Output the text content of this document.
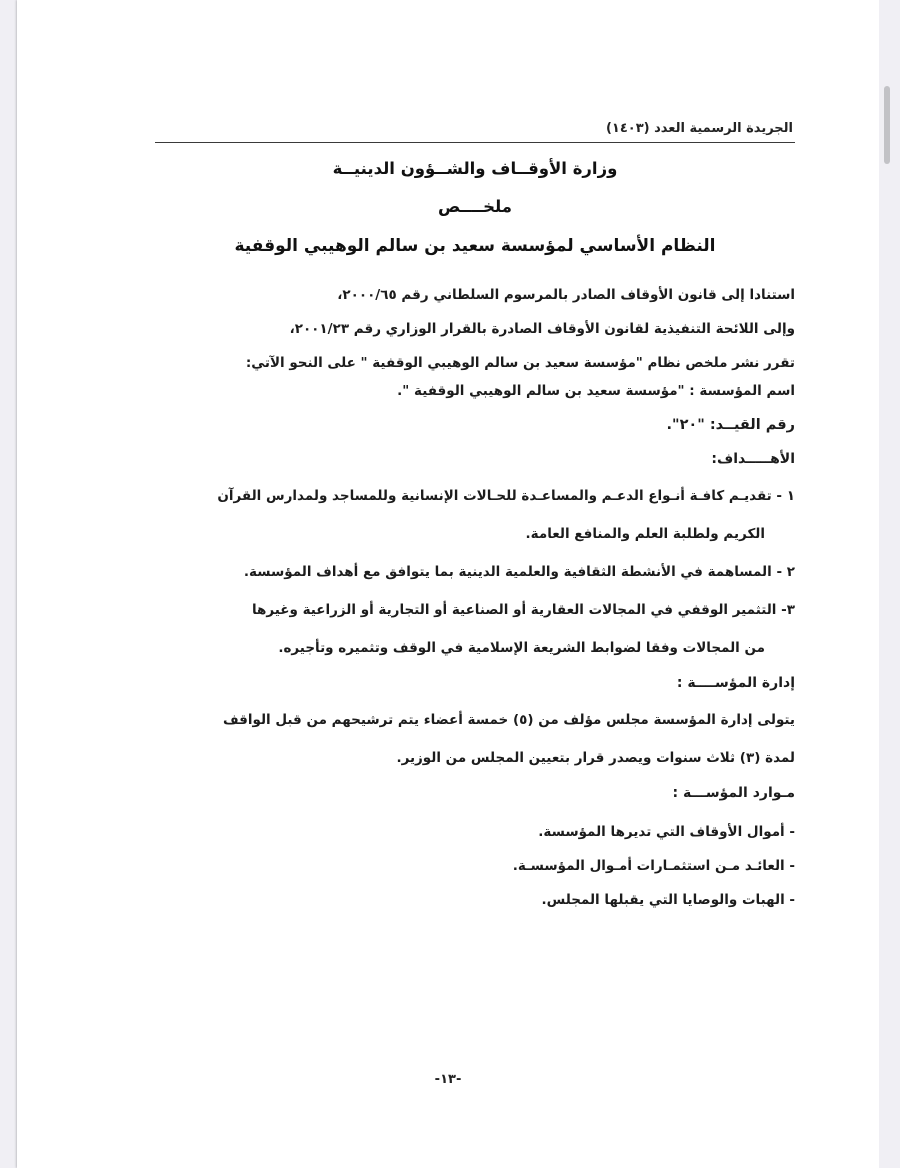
الجريدة الرسمية العدد (١٤٠٣)
وزارة الأوقــاف والشــؤون الدينيــة
ملخــــص
النظام الأساسي لمؤسسة سعيد بن سالم الوهيبي الوقفية
استنادا إلى قانون الأوقاف الصادر بالمرسوم السلطاني رقم ٢٠٠٠/٦٥،
وإلى اللائحة التنفيذية لقانون الأوقاف الصادرة بالقرار الوزاري رقم ٢٠٠١/٢٣،
تقرر نشر ملخص نظام "مؤسسة سعيد بن سالم الوهيبي الوقفية " على النحو الآتي:
اسم المؤسسة : "مؤسسة سعيد بن سالم الوهيبي الوقفية ".
رقم القيــد: "٢٠".
الأهـــــداف:
١ - تقديـم كافـة أنـواع الدعـم والمساعـدة للحـالات الإنسانية وللمساجد ولمدارس القرآن
الكريم ولطلبة العلم والمنافع العامة.
٢ - المساهمة في الأنشطة الثقافية والعلمية الدينية بما يتوافق مع أهداف المؤسسة.
٣- التثمير الوقفي في المجالات العقارية أو الصناعية أو التجارية أو الزراعية وغيرها
من المجالات وفقا لضوابط الشريعة الإسلامية في الوقف وتثميره وتأجيره.
إدارة المؤســــة :
يتولى إدارة المؤسسة مجلس مؤلف من (٥) خمسة أعضاء يتم ترشيحهم من قبل الواقف
لمدة (٣) ثلاث سنوات ويصدر قرار بتعيين المجلس من الوزير.
مـوارد المؤســـة :
- أموال الأوقاف التي تديرها المؤسسة.
- العائـد مـن استثمـارات أمـوال المؤسسـة.
- الهبات والوصايا التي يقبلها المجلس.
-١٣-
